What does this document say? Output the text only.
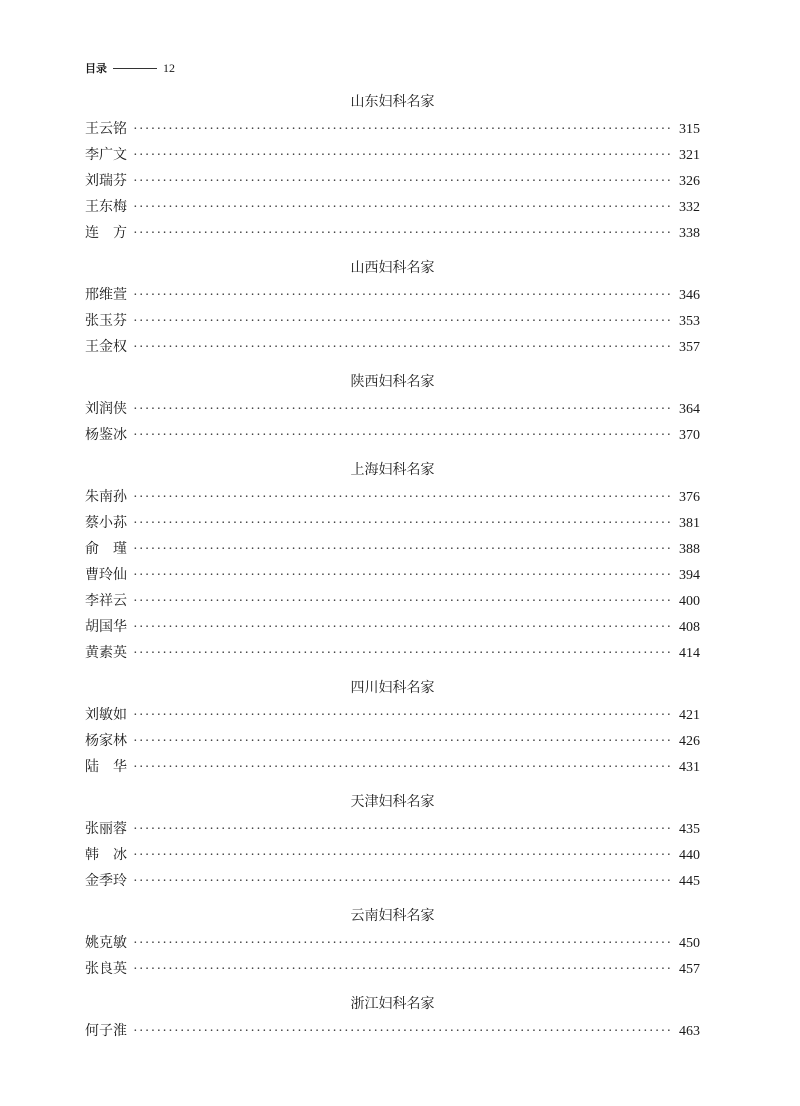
目录	12
山东妇科名家
王云铭 ·····	315
李广文 ·····	321
刘瑞芬 ·····	326
王东梅 ·····	332
连　方 ·····	338
山西妇科名家
邢维萱 ·····	346
张玉芬 ·····	353
王金权 ·····	357
陕西妇科名家
刘润侠 ·····	364
杨鉴冰 ·····	370
上海妇科名家
朱南孙 ·····	376
蔡小荪 ·····	381
俞　瑾 ·····	388
曹玲仙 ·····	394
李祥云 ·····	400
胡国华 ·····	408
黄素英 ·····	414
四川妇科名家
刘敏如 ·····	421
杨家林 ·····	426
陆　华 ·····	431
天津妇科名家
张丽蓉 ·····	435
韩　冰 ·····	440
金季玲 ·····	445
云南妇科名家
姚克敏 ·····	450
张良英 ·····	457
浙江妇科名家
何子淮 ·····	463
